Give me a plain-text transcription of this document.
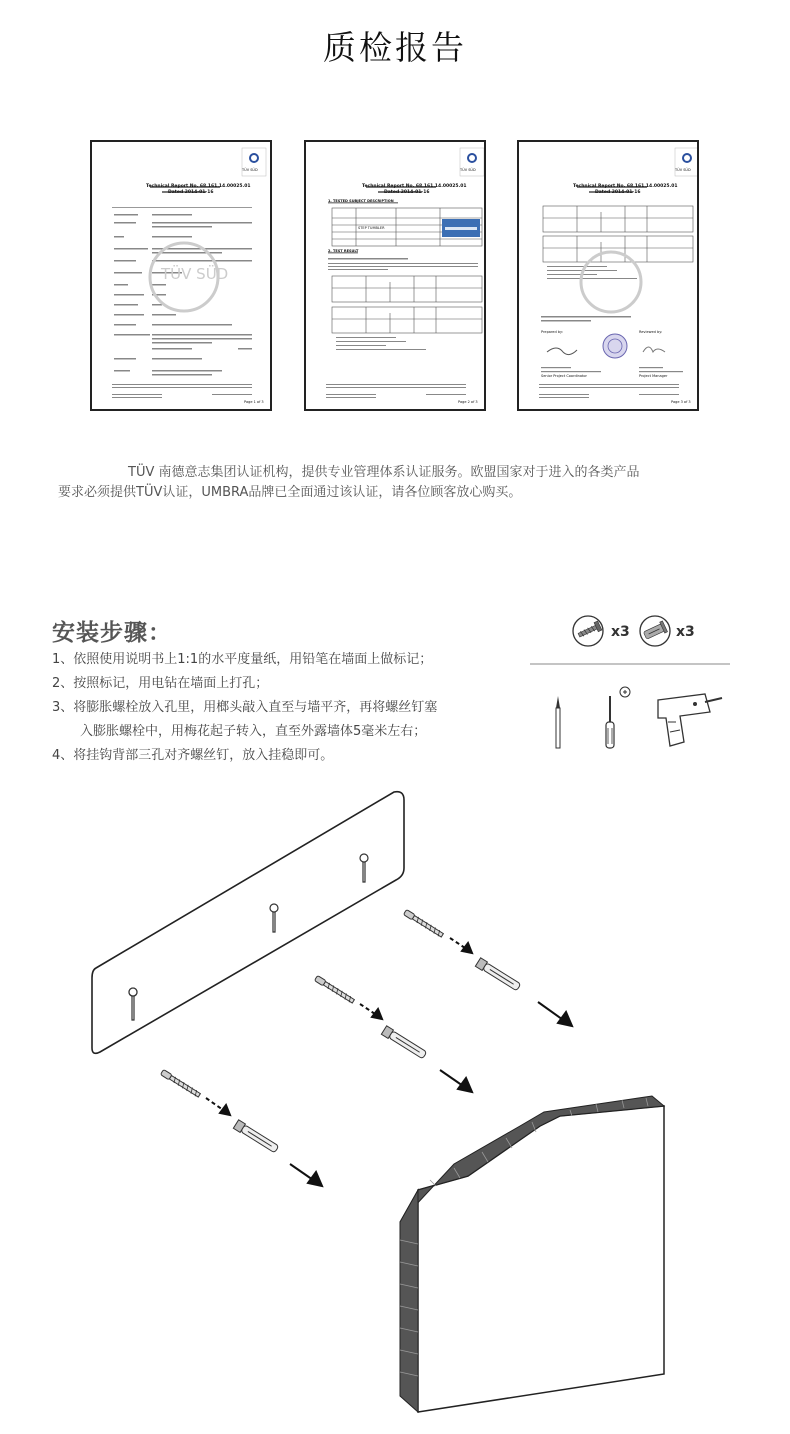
质检报告
TÜV SÜD
TÜV SÜD
Technical Report No. 68.161.14.00025.01
Dated 2014-01-16
Page 1 of 3
TÜV SÜD
Technical Report No. 68.161.14.00025.01
Dated 2014-01-16
1. TESTED SUBJECT DESCRIPTION
STEP TUMBLER
2. TEST RESULT
Page 2 of 3
TÜV SÜD
Technical Report No. 68.161.14.00025.01
Dated 2014-01-16
Prepared by:	Reviewed by:
Senior Project Coordinator	Project Manager
Page 3 of 3

TÜV 南德意志集团认证机构，提供专业管理体系认证服务。欧盟国家对于进入的各类产品

要求必须提供TÜV认证，UMBRA品牌已全面通过该认证，请各位顾客放心购买。
安装步骤：
1、依照使用说明书上1:1的水平度量纸，用铅笔在墙面上做标记；
2、按照标记，用电钻在墙面上打孔；
3、将膨胀螺栓放入孔里，用榔头敲入直至与墙平齐，再将螺丝钉塞
入膨胀螺栓中，用梅花起子转入，直至外露墙体5毫米左右；
4、将挂钩背部三孔对齐螺丝钉，放入挂稳即可。
x3	x3
